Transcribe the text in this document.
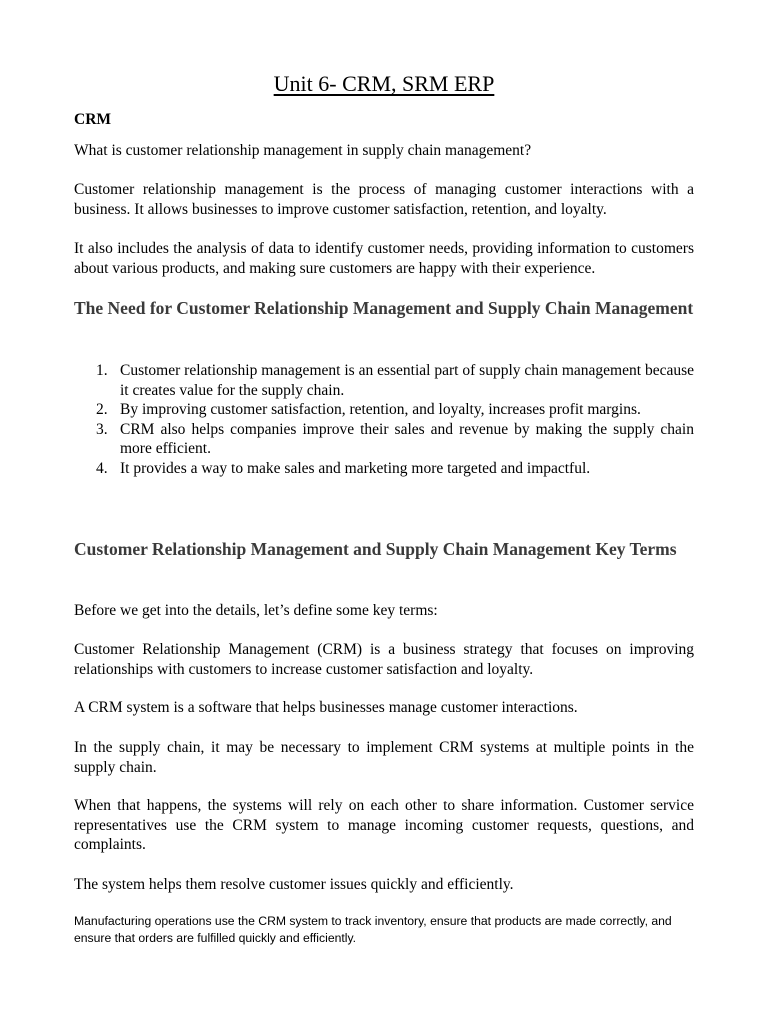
Unit 6- CRM, SRM ERP

CRM

What is customer relationship management in supply chain management?

Customer relationship management is the process of managing customer interactions with a business. It allows businesses to improve customer satisfaction, retention, and loyalty.

It also includes the analysis of data to identify customer needs, providing information to customers about various products, and making sure customers are happy with their experience.

The Need for Customer Relationship Management and Supply Chain Management
1. Customer relationship management is an essential part of supply chain management because it creates value for the supply chain.
2. By improving customer satisfaction, retention, and loyalty, increases profit margins.
3. CRM also helps companies improve their sales and revenue by making the supply chain more efficient.
4. It provides a way to make sales and marketing more targeted and impactful.
Customer Relationship Management and Supply Chain Management Key Terms

Before we get into the details, let’s define some key terms:

Customer Relationship Management (CRM) is a business strategy that focuses on improving relationships with customers to increase customer satisfaction and loyalty.

A CRM system is a software that helps businesses manage customer interactions.

In the supply chain, it may be necessary to implement CRM systems at multiple points in the supply chain.

When that happens, the systems will rely on each other to share information. Customer service representatives use the CRM system to manage incoming customer requests, questions, and complaints.

The system helps them resolve customer issues quickly and efficiently.

Manufacturing operations use the CRM system to track inventory, ensure that products are made correctly, and ensure that orders are fulfilled quickly and efficiently.
